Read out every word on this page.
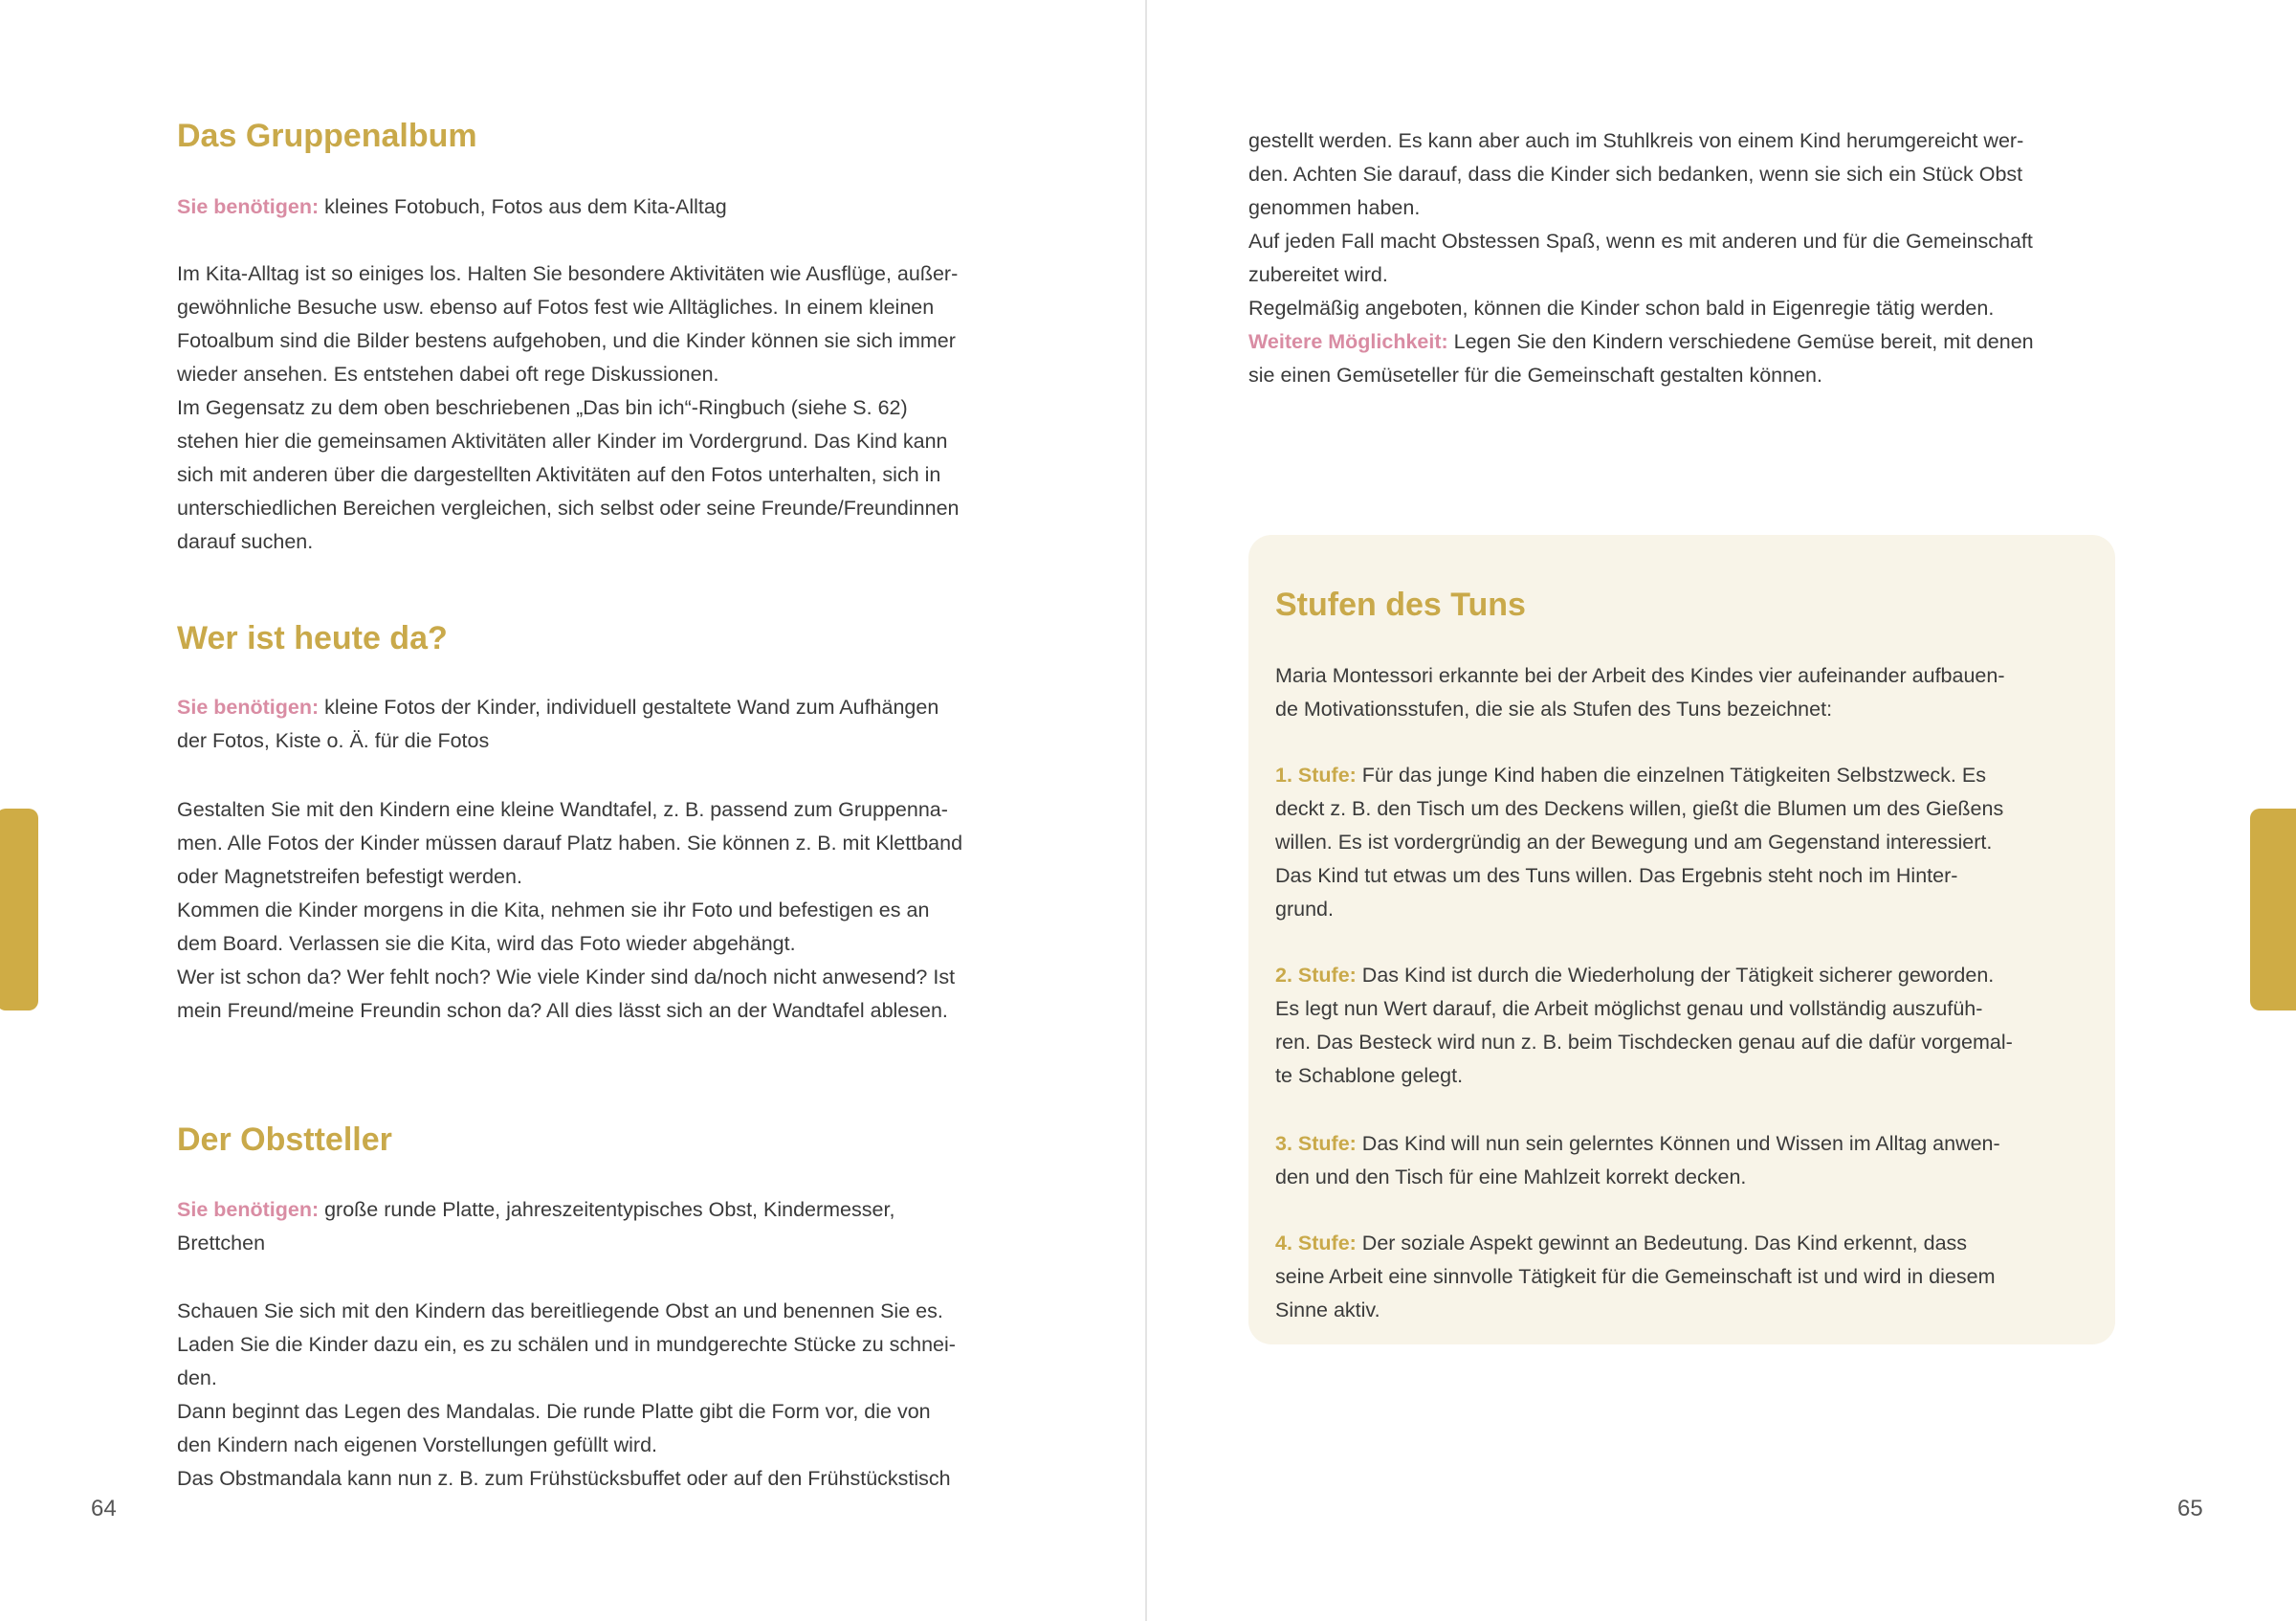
Das Gruppenalbum

Sie benötigen: kleines Fotobuch, Fotos aus dem Kita-Alltag

Im Kita-Alltag ist so einiges los. Halten Sie besondere Aktivitäten wie Ausflüge, außer-
gewöhnliche Besuche usw. ebenso auf Fotos fest wie Alltägliches. In einem kleinen
Fotoalbum sind die Bilder bestens aufgehoben, und die Kinder können sie sich immer
wieder ansehen. Es entstehen dabei oft rege Diskussionen.
Im Gegensatz zu dem oben beschriebenen „Das bin ich“-Ringbuch (siehe S. 62)
stehen hier die gemeinsamen Aktivitäten aller Kinder im Vordergrund. Das Kind kann
sich mit anderen über die dargestellten Aktivitäten auf den Fotos unterhalten, sich in
unterschiedlichen Bereichen vergleichen, sich selbst oder seine Freunde/Freundinnen
darauf suchen.

Wer ist heute da?

Sie benötigen: kleine Fotos der Kinder, individuell gestaltete Wand zum Aufhängen
der Fotos, Kiste o. Ä. für die Fotos

Gestalten Sie mit den Kindern eine kleine Wandtafel, z. B. passend zum Gruppenna-
men. Alle Fotos der Kinder müssen darauf Platz haben. Sie können z. B. mit Klettband
oder Magnetstreifen befestigt werden.
Kommen die Kinder morgens in die Kita, nehmen sie ihr Foto und befestigen es an
dem Board. Verlassen sie die Kita, wird das Foto wieder abgehängt.
Wer ist schon da? Wer fehlt noch? Wie viele Kinder sind da/noch nicht anwesend? Ist
mein Freund/meine Freundin schon da? All dies lässt sich an der Wandtafel ablesen.

Der Obstteller

Sie benötigen: große runde Platte, jahreszeitentypisches Obst, Kindermesser,
Brettchen

Schauen Sie sich mit den Kindern das bereitliegende Obst an und benennen Sie es.
Laden Sie die Kinder dazu ein, es zu schälen und in mundgerechte Stücke zu schnei-
den.
Dann beginnt das Legen des Mandalas. Die runde Platte gibt die Form vor, die von
den Kindern nach eigenen Vorstellungen gefüllt wird.
Das Obstmandala kann nun z. B. zum Frühstücksbuffet oder auf den Frühstückstisch

64

gestellt werden. Es kann aber auch im Stuhlkreis von einem Kind herumgereicht wer-
den. Achten Sie darauf, dass die Kinder sich bedanken, wenn sie sich ein Stück Obst
genommen haben.
Auf jeden Fall macht Obstessen Spaß, wenn es mit anderen und für die Gemeinschaft
zubereitet wird.
Regelmäßig angeboten, können die Kinder schon bald in Eigenregie tätig werden.

Weitere Möglichkeit: Legen Sie den Kindern verschiedene Gemüse bereit, mit denen
sie einen Gemüseteller für die Gemeinschaft gestalten können.

Stufen des Tuns

Maria Montessori erkannte bei der Arbeit des Kindes vier aufeinander aufbauen-
de Motivationsstufen, die sie als Stufen des Tuns bezeichnet:

1. Stufe: Für das junge Kind haben die einzelnen Tätigkeiten Selbstzweck. Es
deckt z. B. den Tisch um des Deckens willen, gießt die Blumen um des Gießens
willen. Es ist vordergründig an der Bewegung und am Gegenstand interessiert.
Das Kind tut etwas um des Tuns willen. Das Ergebnis steht noch im Hinter-
grund.

2. Stufe: Das Kind ist durch die Wiederholung der Tätigkeit sicherer geworden.
Es legt nun Wert darauf, die Arbeit möglichst genau und vollständig auszufüh-
ren. Das Besteck wird nun z. B. beim Tischdecken genau auf die dafür vorgemal-
te Schablone gelegt.

3. Stufe: Das Kind will nun sein gelerntes Können und Wissen im Alltag anwen-
den und den Tisch für eine Mahlzeit korrekt decken.

4. Stufe: Der soziale Aspekt gewinnt an Bedeutung. Das Kind erkennt, dass
seine Arbeit eine sinnvolle Tätigkeit für die Gemeinschaft ist und wird in diesem
Sinne aktiv.

65
